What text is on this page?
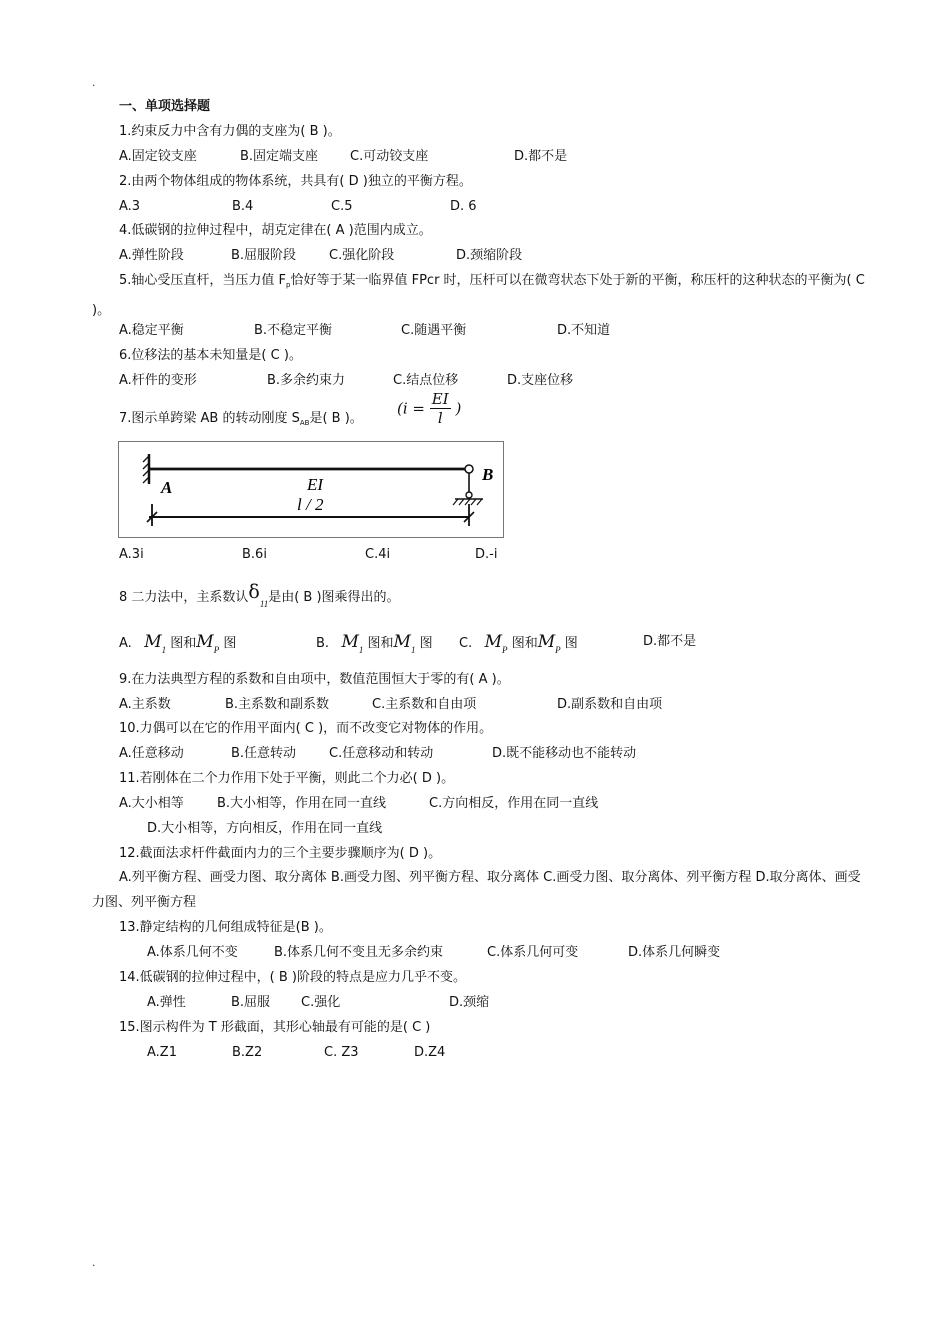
.
一、单项选择题
1.约束反力中含有力偶的支座为( B )。
A.固定铰支座	B.固定端支座 C.可动铰支座	D.都不是
2.由两个物体组成的物体系统，共具有( D )独立的平衡方程。
A.3	B.4	C.5	D. 6
4.低碳钢的拉伸过程中，胡克定律在( A )范围内成立。
A.弹性阶段	B.屈服阶段	C.强化阶段	D.颈缩阶段
5.轴心受压直杆，当压力值 $F_p$恰好等于某一临界值 FPcr 时，压杆可以在微弯状态下处于新的平衡，称压杆的这种状态的平衡为( C )。
A.稳定平衡	B.不稳定平衡	C.随遇平衡	D.不知道
6.位移法的基本未知量是( C )。
A.杆件的变形	B.多余约束力	C.结点位移	D.支座位移
7.图示单跨梁 AB 的转动刚度 $S_{AB}$是( B )。
($i = \frac{EI}{l}$ )
A
B
EI
l / 2
A.3i	B.6i	C.4i	D.-i
8 二力法中，主系数认$\delta_{11}$是由( B )图乘得出的。
A. $M_1$ 图和$M_P$ 图	B. $M_1$ 图和$M_1$ 图 C. $M_P$ 图和$M_P$ 图	D.都不是
9.在力法典型方程的系数和自由项中，数值范围恒大于零的有( A )。
A.主系数	B.主系数和副系数	C.主系数和自由项	D.副系数和自由项
10.力偶可以在它的作用平面内( C )，而不改变它对物体的作用。
A.任意移动	B.任意转动	C.任意移动和转动	D.既不能移动也不能转动
11.若刚体在二个力作用下处于平衡，则此二个力必( D )。
A.大小相等	B.大小相等，作用在同一直线	C.方向相反，作用在同一直线
D.大小相等，方向相反，作用在同一直线
12.截面法求杆件截面内力的三个主要步骤顺序为( D )。
A.列平衡方程、画受力图、取分离体 B.画受力图、列平衡方程、取分离体 C.画受力图、取分离体、列平衡方程 D.取分离体、画受力图、列平衡方程
13.静定结构的几何组成特征是(B )。
A.体系几何不变	B.体系几何不变且无多余约束	C.体系几何可变	D.体系几何瞬变
14.低碳钢的拉伸过程中，( B )阶段的特点是应力几乎不变。
A.弹性	B.屈服 C.强化	D.颈缩
15.图示构件为 T 形截面，其形心轴最有可能的是( C )
A.Z1	B.Z2	C. Z3	D.Z4
.
